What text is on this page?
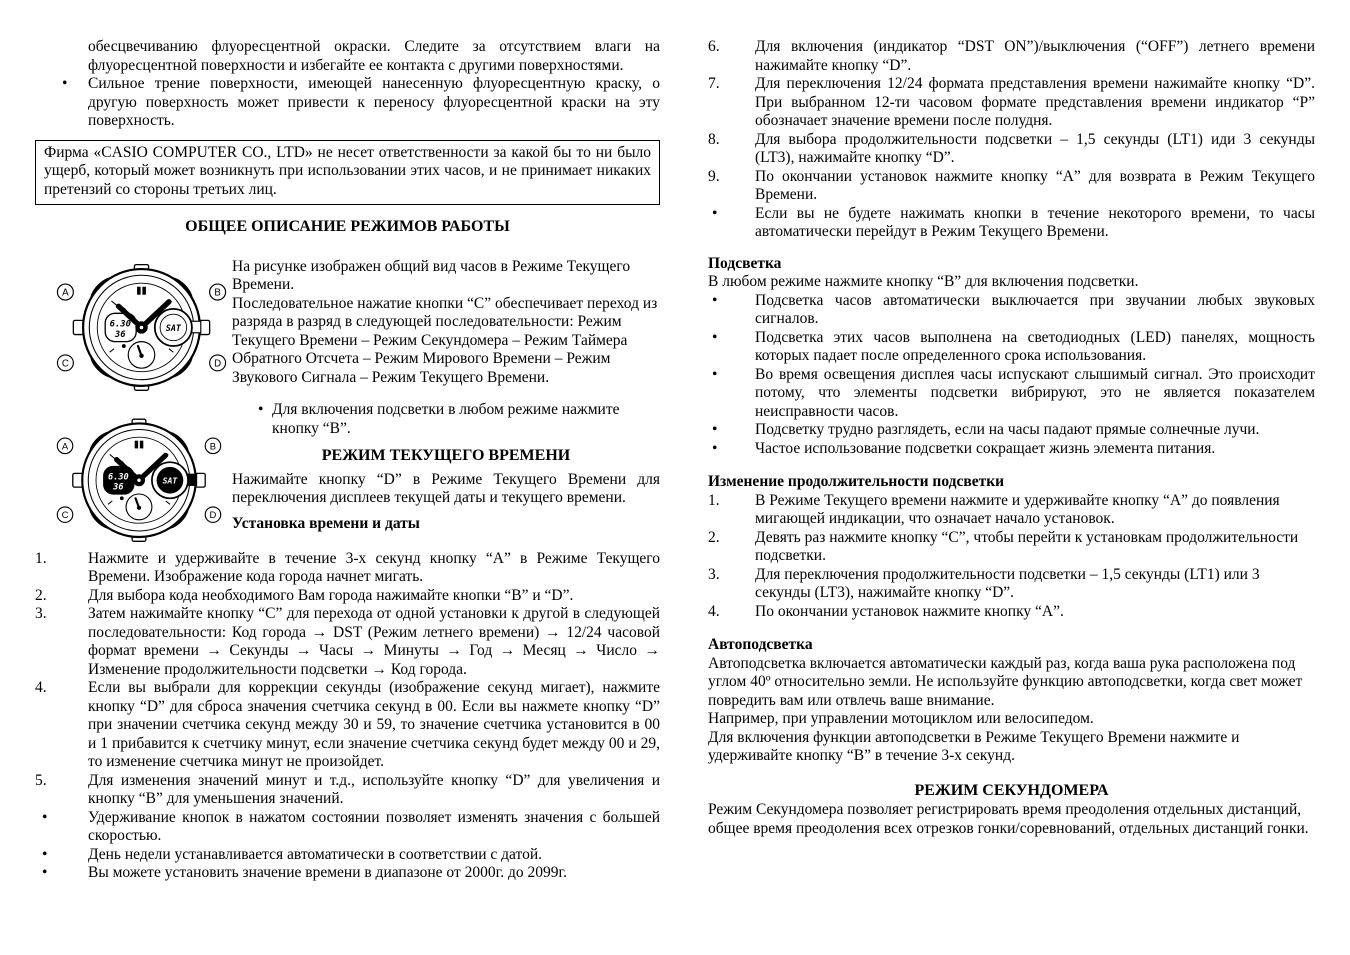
обесцвечиванию флуоресцентной окраски. Следите за отсутствием влаги на флуоресцентной поверхности и избегайте ее контакта с другими поверхностями.

•

Сильное трение поверхности, имеющей нанесенную флуоресцентную краску, о другую поверхность может привести к переносу флуоресцентной краски на эту поверхность.

Фирма «CASIO COMPUTER CO., LTD» не несет ответственности за какой бы то ни было ущерб, который может возникнуть при использовании этих часов, и не принимает никаких претензий со стороны третьих лиц.
ОБЩЕЕ ОПИСАНИЕ РЕЖИМОВ РАБОТЫ
6.30
36
SAT
A	B
C	D

На рисунке изображен общий вид часов в Режиме Текущего Времени.

Последовательное нажатие кнопки “С” обеспечивает переход из разряда в разряд в следующей последовательности: Режим Текущего Времени – Режим Секундомера – Режим Таймера Обратного Отсчета – Режим Мирового Времени – Режим Звукового Сигнала – Режим Текущего Времени.

6.30
36
SAT
A	B
C	D
•

Для включения подсветки в любом режиме нажмите кнопку “В”.

РЕЖИМ ТЕКУЩЕГО ВРЕМЕНИ

Нажимайте кнопку “D” в Режиме Текущего Времени для переключения дисплеев текущей даты и текущего времени.

Установка времени и даты
1.	Нажмите и удерживайте в течение 3-х секунд кнопку “А” в Режиме Текущего Времени. Изображение кода города начнет мигать.

2.	Для выбора кода необходимого Вам города нажимайте кнопки “В” и “D”.

3.	Затем нажимайте кнопку “С” для перехода от одной установки к другой в следующей последовательности: Код города → DST (Режим летнего времени) → 12/24 часовой формат времени → Секунды → Часы → Минуты → Год → Месяц → Число → Изменение продолжительности подсветки → Код города.

4.	Если вы выбрали для коррекции секунды (изображение секунд мигает), нажмите кнопку “D” для сброса значения счетчика секунд в 00. Если вы нажмете кнопку “D” при значении счетчика секунд между 30 и 59, то значение счетчика установится в 00 и 1 прибавится к счетчику минут, если значение счетчика секунд будет между 00 и 29, то изменение счетчика минут не произойдет.

5.	Для изменения значений минут и т.д., используйте кнопку “D” для увеличения и кнопку “В” для уменьшения значений.

•

Удерживание кнопок в нажатом состоянии позволяет изменять значения с большей скоростью.

•

День недели устанавливается автоматически в соответствии с датой.

•

Вы можете установить значение времени в диапазоне от 2000г. до 2099г.

6.	Для включения (индикатор “DST ON”)/выключения (“OFF”) летнего времени нажимайте кнопку “D”.

7.	Для переключения 12/24 формата представления времени нажимайте кнопку “D”. При выбранном 12-ти часовом формате представления времени индикатор “Р” обозначает значение времени после полудня.

8.	Для выбора продолжительности подсветки – 1,5 секунды (LT1) иди 3 секунды (LT3), нажимайте кнопку “D”.

9.	По окончании установок нажмите кнопку “А” для возврата в Режим Текущего Времени.

•

Если вы не будете нажимать кнопки в течение некоторого времени, то часы автоматически перейдут в Режим Текущего Времени.

Подсветка

В любом режиме нажмите кнопку “В” для включения подсветки.

•

Подсветка часов автоматически выключается при звучании любых звуковых сигналов.

•

Подсветка этих часов выполнена на светодиодных (LED) панелях, мощность которых падает после определенного срока использования.

•

Во время освещения дисплея часы испускают слышимый сигнал. Это происходит потому, что элементы подсветки вибрируют, это не является показателем неисправности часов.

•

Подсветку трудно разглядеть, если на часы падают прямые солнечные лучи.

•

Частое использование подсветки сокращает жизнь элемента питания.

Изменение продолжительности подсветки
1.	В Режиме Текущего времени нажмите и удерживайте кнопку “А” до появления мигающей индикации, что означает начало установок.

2.	Девять раз нажмите кнопку “С”, чтобы перейти к установкам продолжительности подсветки.

3.	Для переключения продолжительности подсветки – 1,5 секунды (LT1) или 3 секунды (LT3), нажимайте кнопку “D”.

4.	По окончании установок нажмите кнопку “А”.

Автоподсветка

Автоподсветка включается автоматически каждый раз, когда ваша рука расположена под углом 40º относительно земли. Не используйте функцию автоподсветки, когда свет может повредить вам или отвлечь ваше внимание.

Например, при управлении мотоциклом или велосипедом.

Для включения функции автоподсветки в Режиме Текущего Времени нажмите и удерживайте кнопку “В” в течение 3-х секунд.

РЕЖИМ СЕКУНДОМЕРА

Режим Секундомера позволяет регистрировать время преодоления отдельных дистанций, общее время преодоления всех отрезков гонки/соревнований, отдельных дистанций гонки.
